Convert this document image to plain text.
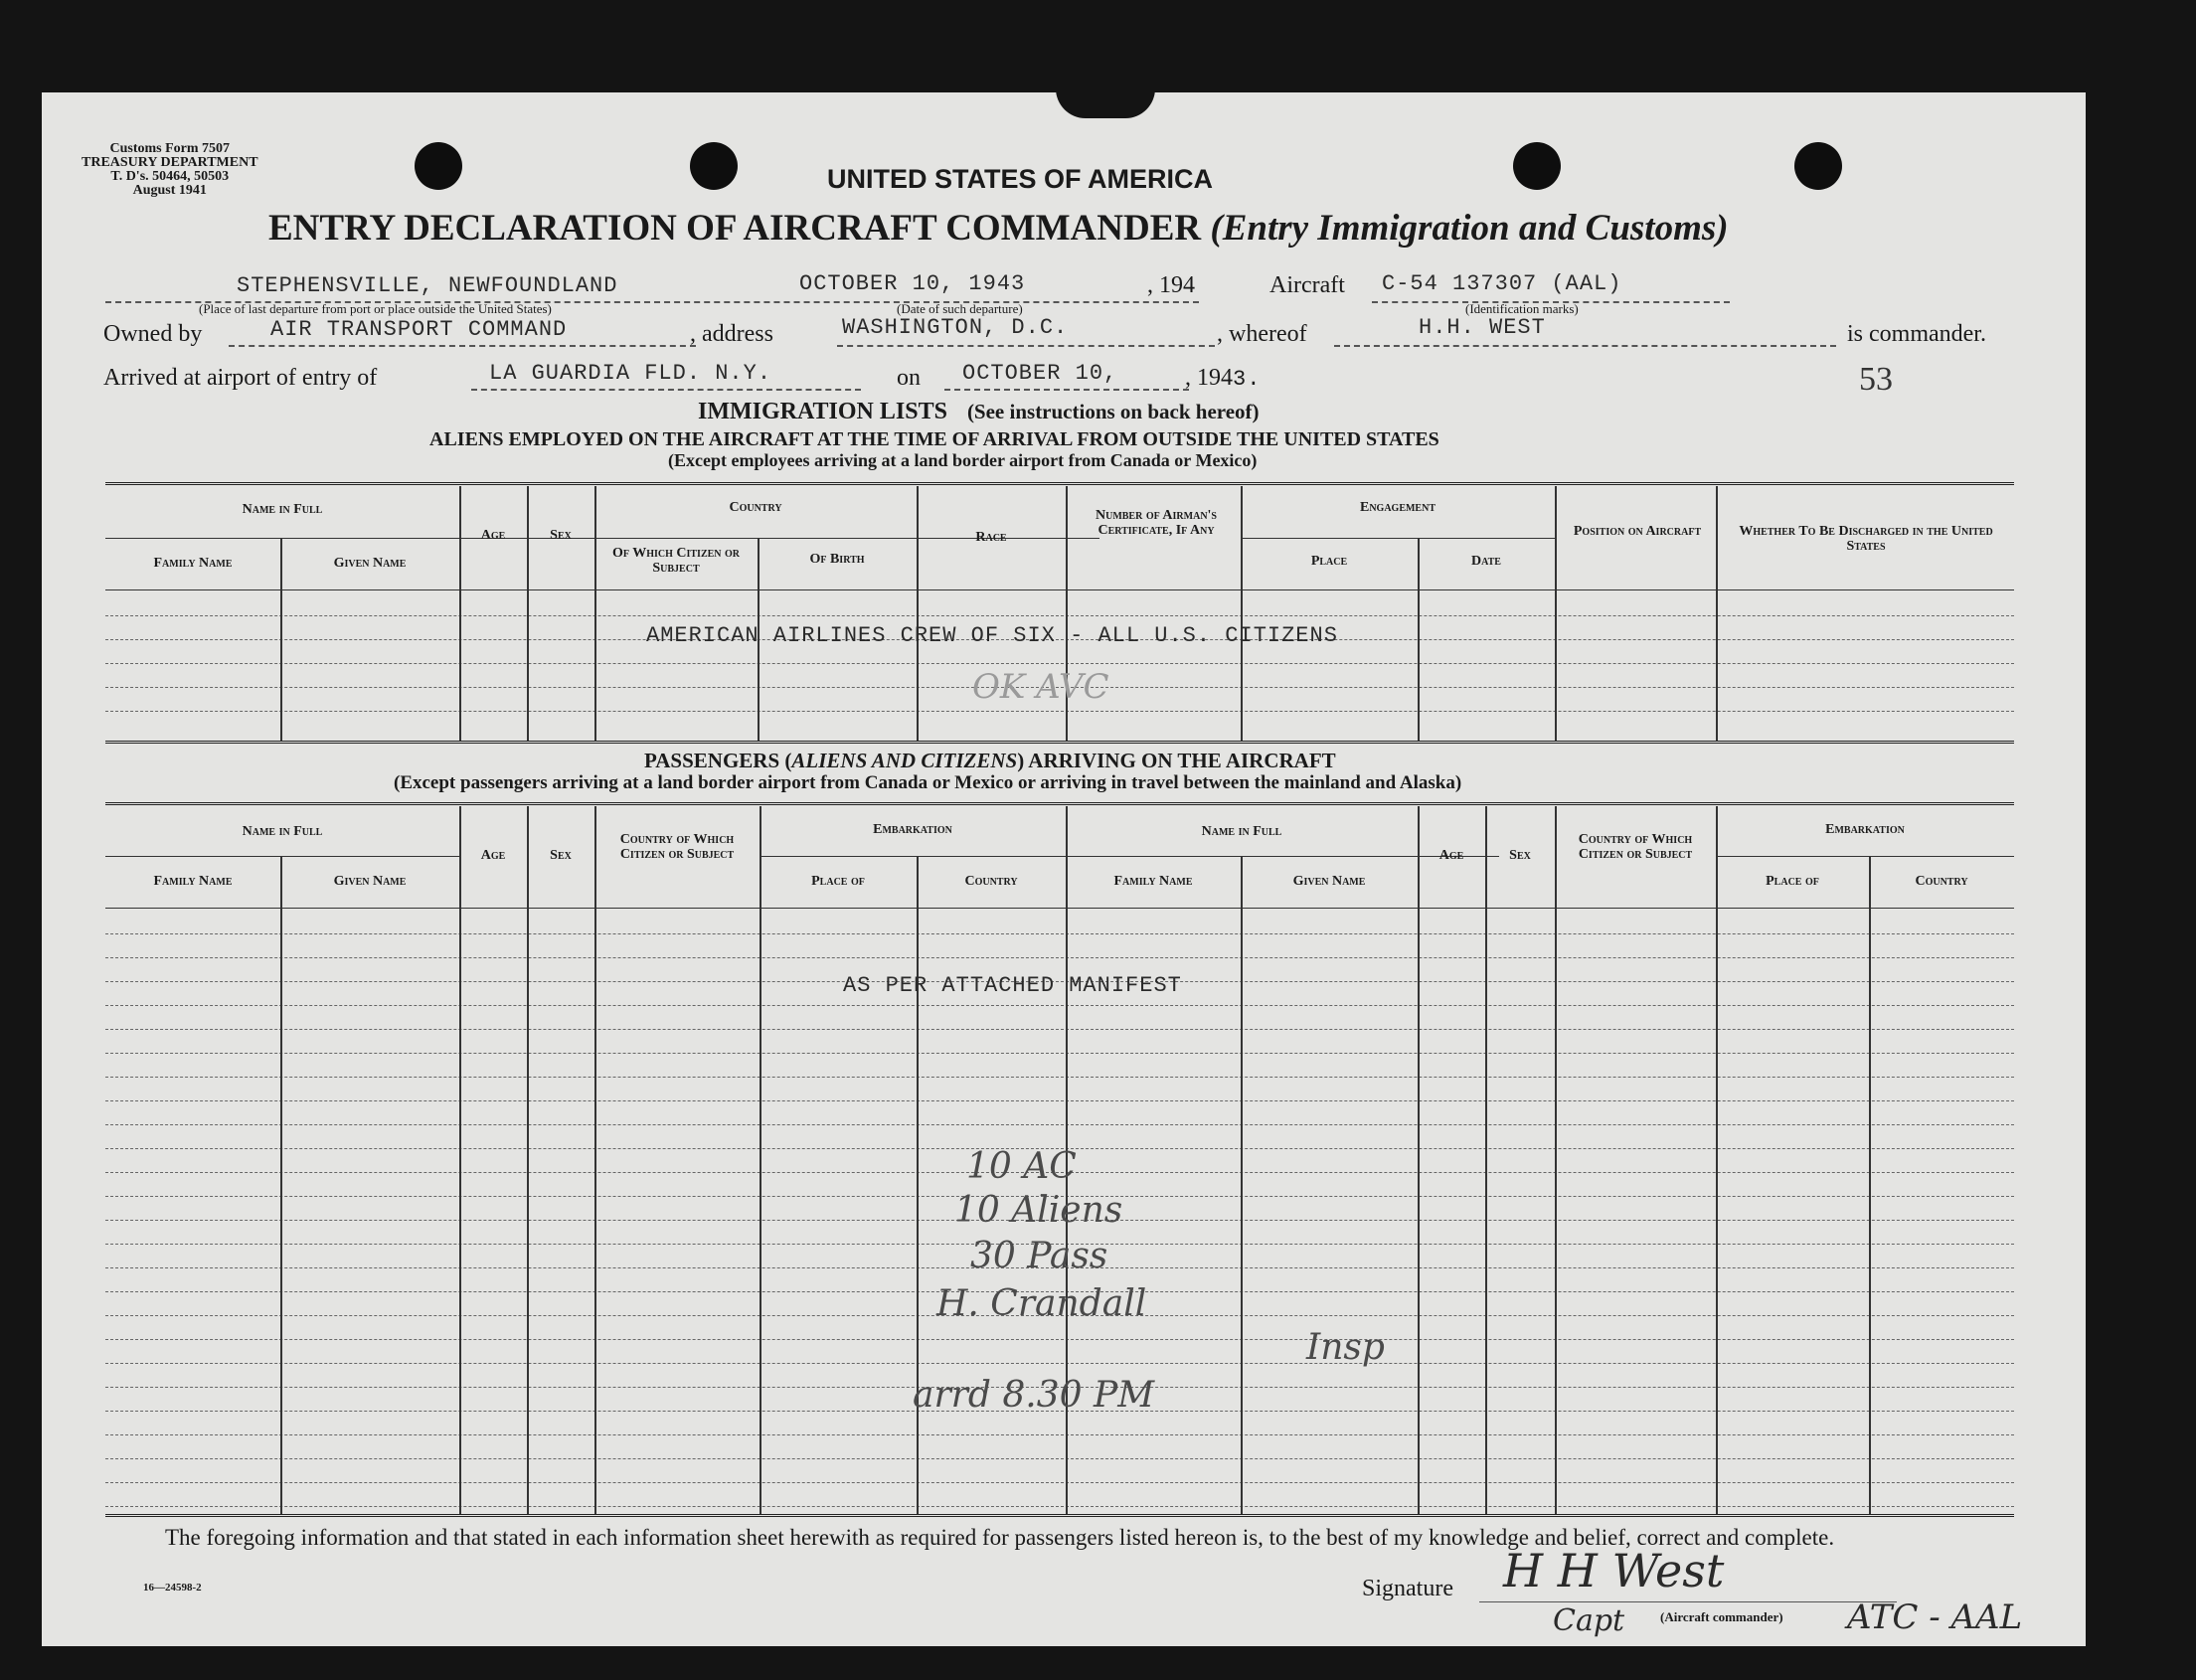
Customs Form 7507
TREASURY DEPARTMENT
T. D's. 50464, 50503
August 1941	UNITED STATES OF AMERICA
ENTRY DECLARATION OF AIRCRAFT COMMANDER (Entry Immigration and Customs)
STEPHENSVILLE, NEWFOUNDLAND
(Place of last departure from port or place outside the United States)
OCTOBER 10, 1943
(Date of such departure)
, 194	Aircraft C-54 137307 (AAL)
(Identification marks)
Owned by	AIR TRANSPORT COMMAND	, address	WASHINGTON, D.C.	, whereof	H.H. WEST	is commander.
Arrived at airport of entry of	LA GUARDIA FLD. N.Y.	on OCTOBER 10,	, 1943.	53
IMMIGRATION LISTS (See instructions on back hereof)
ALIENS EMPLOYED ON THE AIRCRAFT AT THE TIME OF ARRIVAL FROM OUTSIDE THE UNITED STATES
(Except employees arriving at a land border airport from Canada or Mexico)
Name in Full
Family Name	Given Name
Age	Sex
Country
Of Which Citizen or Subject
Of Birth
Race
Number of Airman's Certificate, If Any
Engagement
Place	Date
Position on Aircraft	Whether To Be Discharged in the United States
AMERICAN AIRLINES CREW OF SIX - ALL U.S. CITIZENS
OK AVC
PASSENGERS (ALIENS AND CITIZENS) ARRIVING ON THE AIRCRAFT
(Except passengers arriving at a land border airport from Canada or Mexico or arriving in travel between the mainland and Alaska)
Name in Full
Family Name	Given Name
Age	Sex
Country of Which Citizen or Subject
Embarkation
Place of	Country
Name in Full
Family Name	Given Name
Age	Sex
Country of Which Citizen or Subject
Embarkation
Place of	Country
AS PER ATTACHED MANIFEST
10 AC
10 Aliens
30 Pass
H. Crandall
Insp
arrd 8.30 PM
The foregoing information and that stated in each information sheet herewith as required for passengers listed hereon is, to the best of my knowledge and belief, correct and complete.
16—24598-2	Signature H H West
Capt	(Aircraft commander) ATC - AAL
